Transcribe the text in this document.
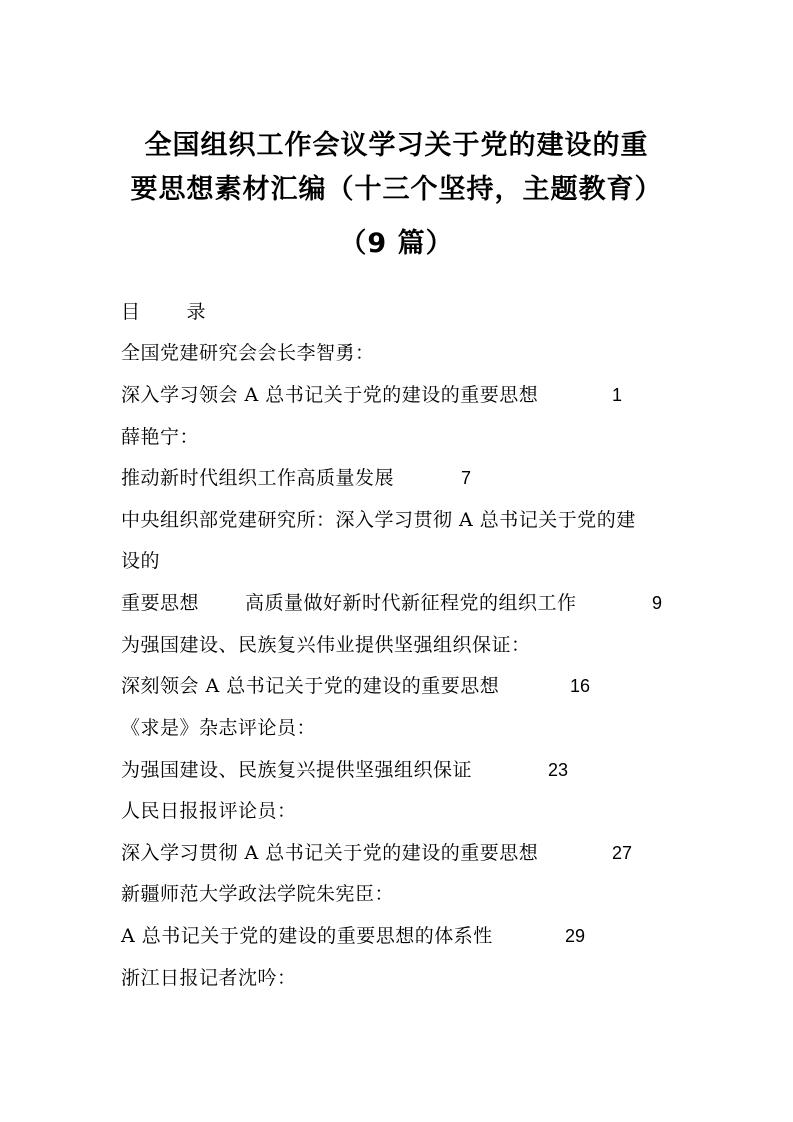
全国组织工作会议学习关于党的建设的重
要思想素材汇编（十三个坚持，主题教育）
（9 篇）
目 录
全国党建研究会会长李智勇：
深入学习领会 A 总书记关于党的建设的重要思想	1
薛艳宁：
推动新时代组织工作高质量发展	7
中央组织部党建研究所：深入学习贯彻 A 总书记关于党的建
设的
重要思想 高质量做好新时代新征程党的组织工作	9
为强国建设、民族复兴伟业提供坚强组织保证：
深刻领会 A 总书记关于党的建设的重要思想	16
《求是》杂志评论员：
为强国建设、民族复兴提供坚强组织保证	23
人民日报报评论员：
深入学习贯彻 A 总书记关于党的建设的重要思想	27
新疆师范大学政法学院朱宪臣：
A 总书记关于党的建设的重要思想的体系性	29
浙江日报记者沈吟：
